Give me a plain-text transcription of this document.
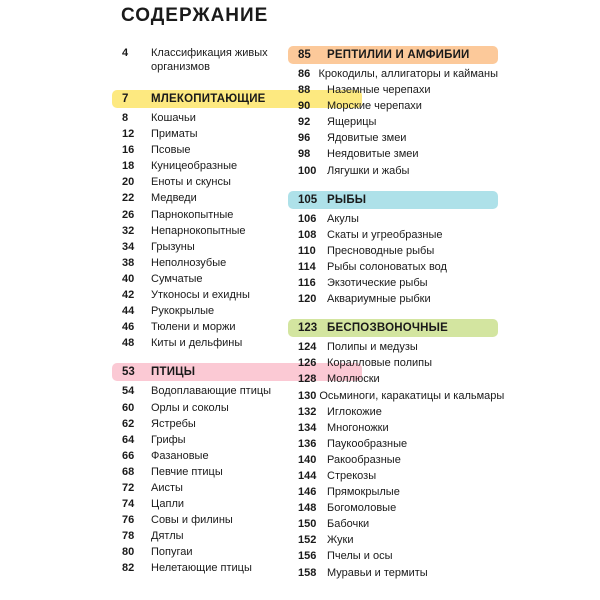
СОДЕРЖАНИЕ
4	Классификация живых организмов
7	МЛЕКОПИТАЮЩИЕ
8	Кошачьи
12	Приматы
16	Псовые
18	Куницеобразные
20	Еноты и скунсы
22	Медведи
26	Парнокопытные
32	Непарнокопытные
34	Грызуны
38	Неполнозубые
40	Сумчатые
42	Утконосы и ехидны
44	Рукокрылые
46	Тюлени и моржи
48	Киты и дельфины
53	ПТИЦЫ
54	Водоплавающие птицы
60	Орлы и соколы
62	Ястребы
64	Грифы
66	Фазановые
68	Певчие птицы
72	Аисты
74	Цапли
76	Совы и филины
78	Дятлы
80	Попугаи
82	Нелетающие птицы
85	РЕПТИЛИИ И АМФИБИИ
86 Крокодилы, аллигаторы и кайманы
88	Наземные черепахи
90	Морские черепахи
92	Ящерицы
96	Ядовитые змеи
98	Неядовитые змеи
100 Лягушки и жабы
105 РЫБЫ
106 Акулы
108 Скаты и угреобразные
110	Пресноводные рыбы
114	Рыбы солоноватых вод
116	Экзотические рыбы
120 Аквариумные рыбки
123 БЕСПОЗВОНОЧНЫЕ
124 Полипы и медузы
126 Коралловые полипы
128 Моллюски
130 Осьминоги, каракатицы и кальмары
132 Иглокожие
134 Многоножки
136 Паукообразные
140 Ракообразные
144 Стрекозы
146 Прямокрылые
148 Богомоловые
150 Бабочки
152 Жуки
156 Пчелы и осы
158 Муравьи и термиты
